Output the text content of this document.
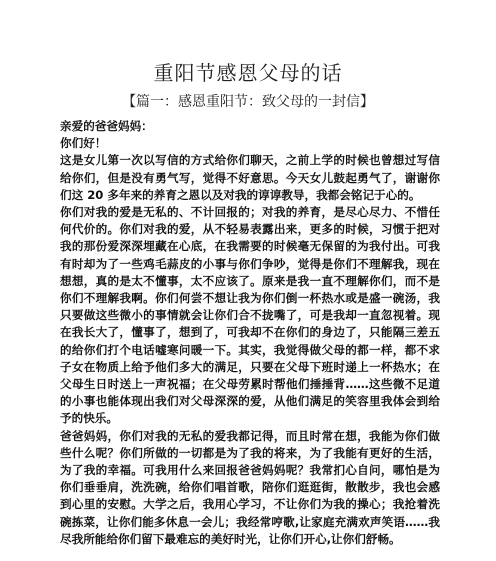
重阳节感恩父母的话
【篇一：感恩重阳节：致父母的一封信】

亲爱的爸爸妈妈：

你们好！

这是女儿第一次以写信的方式给你们聊天，之前上学的时候也曾想过写信给你们，但是没有勇气写，觉得不好意思。今天女儿鼓起勇气了，谢谢你们这 20 多年来的养育之恩以及对我的谆谆教导，我都会铭记于心的。

你们对我的爱是无私的、不计回报的；对我的养育，是尽心尽力、不惜任何代价的。你们对我的爱，从不轻易表露出来，更多的时候，习惯于把对我的那份爱深深埋藏在心底，在我需要的时候毫无保留的为我付出。可我有时却为了一些鸡毛蒜皮的小事与你们争吵，觉得是你们不理解我，现在想想，真的是太不懂事，太不应该了。原来是我一直不理解你们，而不是你们不理解我啊。你们何尝不想让我为你们倒一杯热水或是盛一碗汤，我只要做这些微小的事情就会让你们合不拢嘴了，可是我却一直忽视着。现在我长大了，懂事了，想到了，可我却不在你们的身边了，只能隔三差五的给你们打个电话嘘寒问暖一下。其实，我觉得做父母的都一样，都不求子女在物质上给予他们多大的满足，只要在父母下班时递上一杯热水；在父母生日时送上一声祝福；在父母劳累时帮他们捶捶背……这些微不足道的小事也能体现出我们对父母深深的爱，从他们满足的笑容里我体会到给予的快乐。

爸爸妈妈，你们对我的无私的爱我都记得，而且时常在想，我能为你们做些什么呢？你们所做的一切都是为了我的将来，为了我能有更好的生活，为了我的幸福。可我用什么来回报爸爸妈妈呢？我常扪心自问，哪怕是为你们垂垂肩，洗洗碗，给你们唱首歌，陪你们逛逛街，散散步，我也会感到心里的安慰。大学之后，我用心学习，不让你们为我的操心；我抢着洗碗拣菜，让你们能多休息一会儿；我经常哼歌,让家庭充满欢声笑语……我尽我所能给你们留下最难忘的美好时光，让你们开心,让你们舒畅。
